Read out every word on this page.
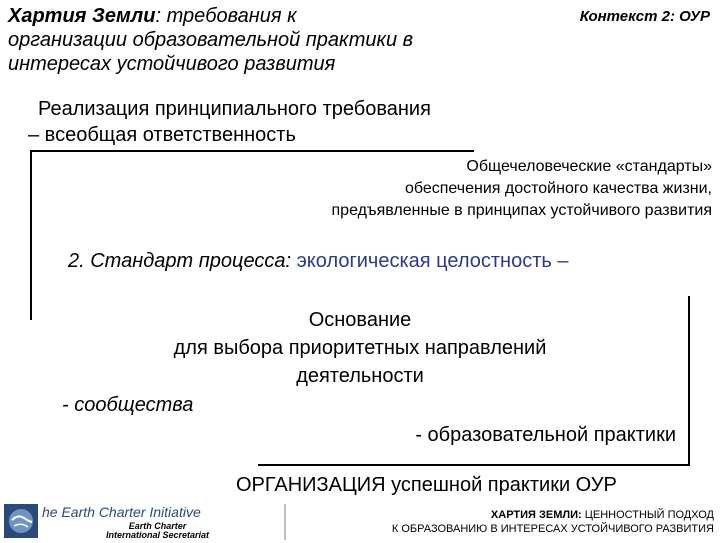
Хартия Земли: требования к
организации образовательной практики в
интересах устойчивого развития
Контекст 2: ОУР
Реализация принципиального требования
– всеобщая ответственность
Общечеловеческие «стандарты»
обеспечения достойного качества жизни,
предъявленные в принципах устойчивого развития
2. Стандарт процесса: экологическая целостность –
Основание
для выбора приоритетных направлений
деятельности
- сообщества
- образовательной практики
ОРГАНИЗАЦИЯ успешной практики ОУР
he Earth Charter Initiative
Earth Charter
International Secretariat
ХАРТИЯ ЗЕМЛИ: ЦЕННОСТНЫЙ ПОДХОД
К ОБРАЗОВАНИЮ В ИНТЕРЕСАХ УСТОЙЧИВОГО РАЗВИТИЯ
